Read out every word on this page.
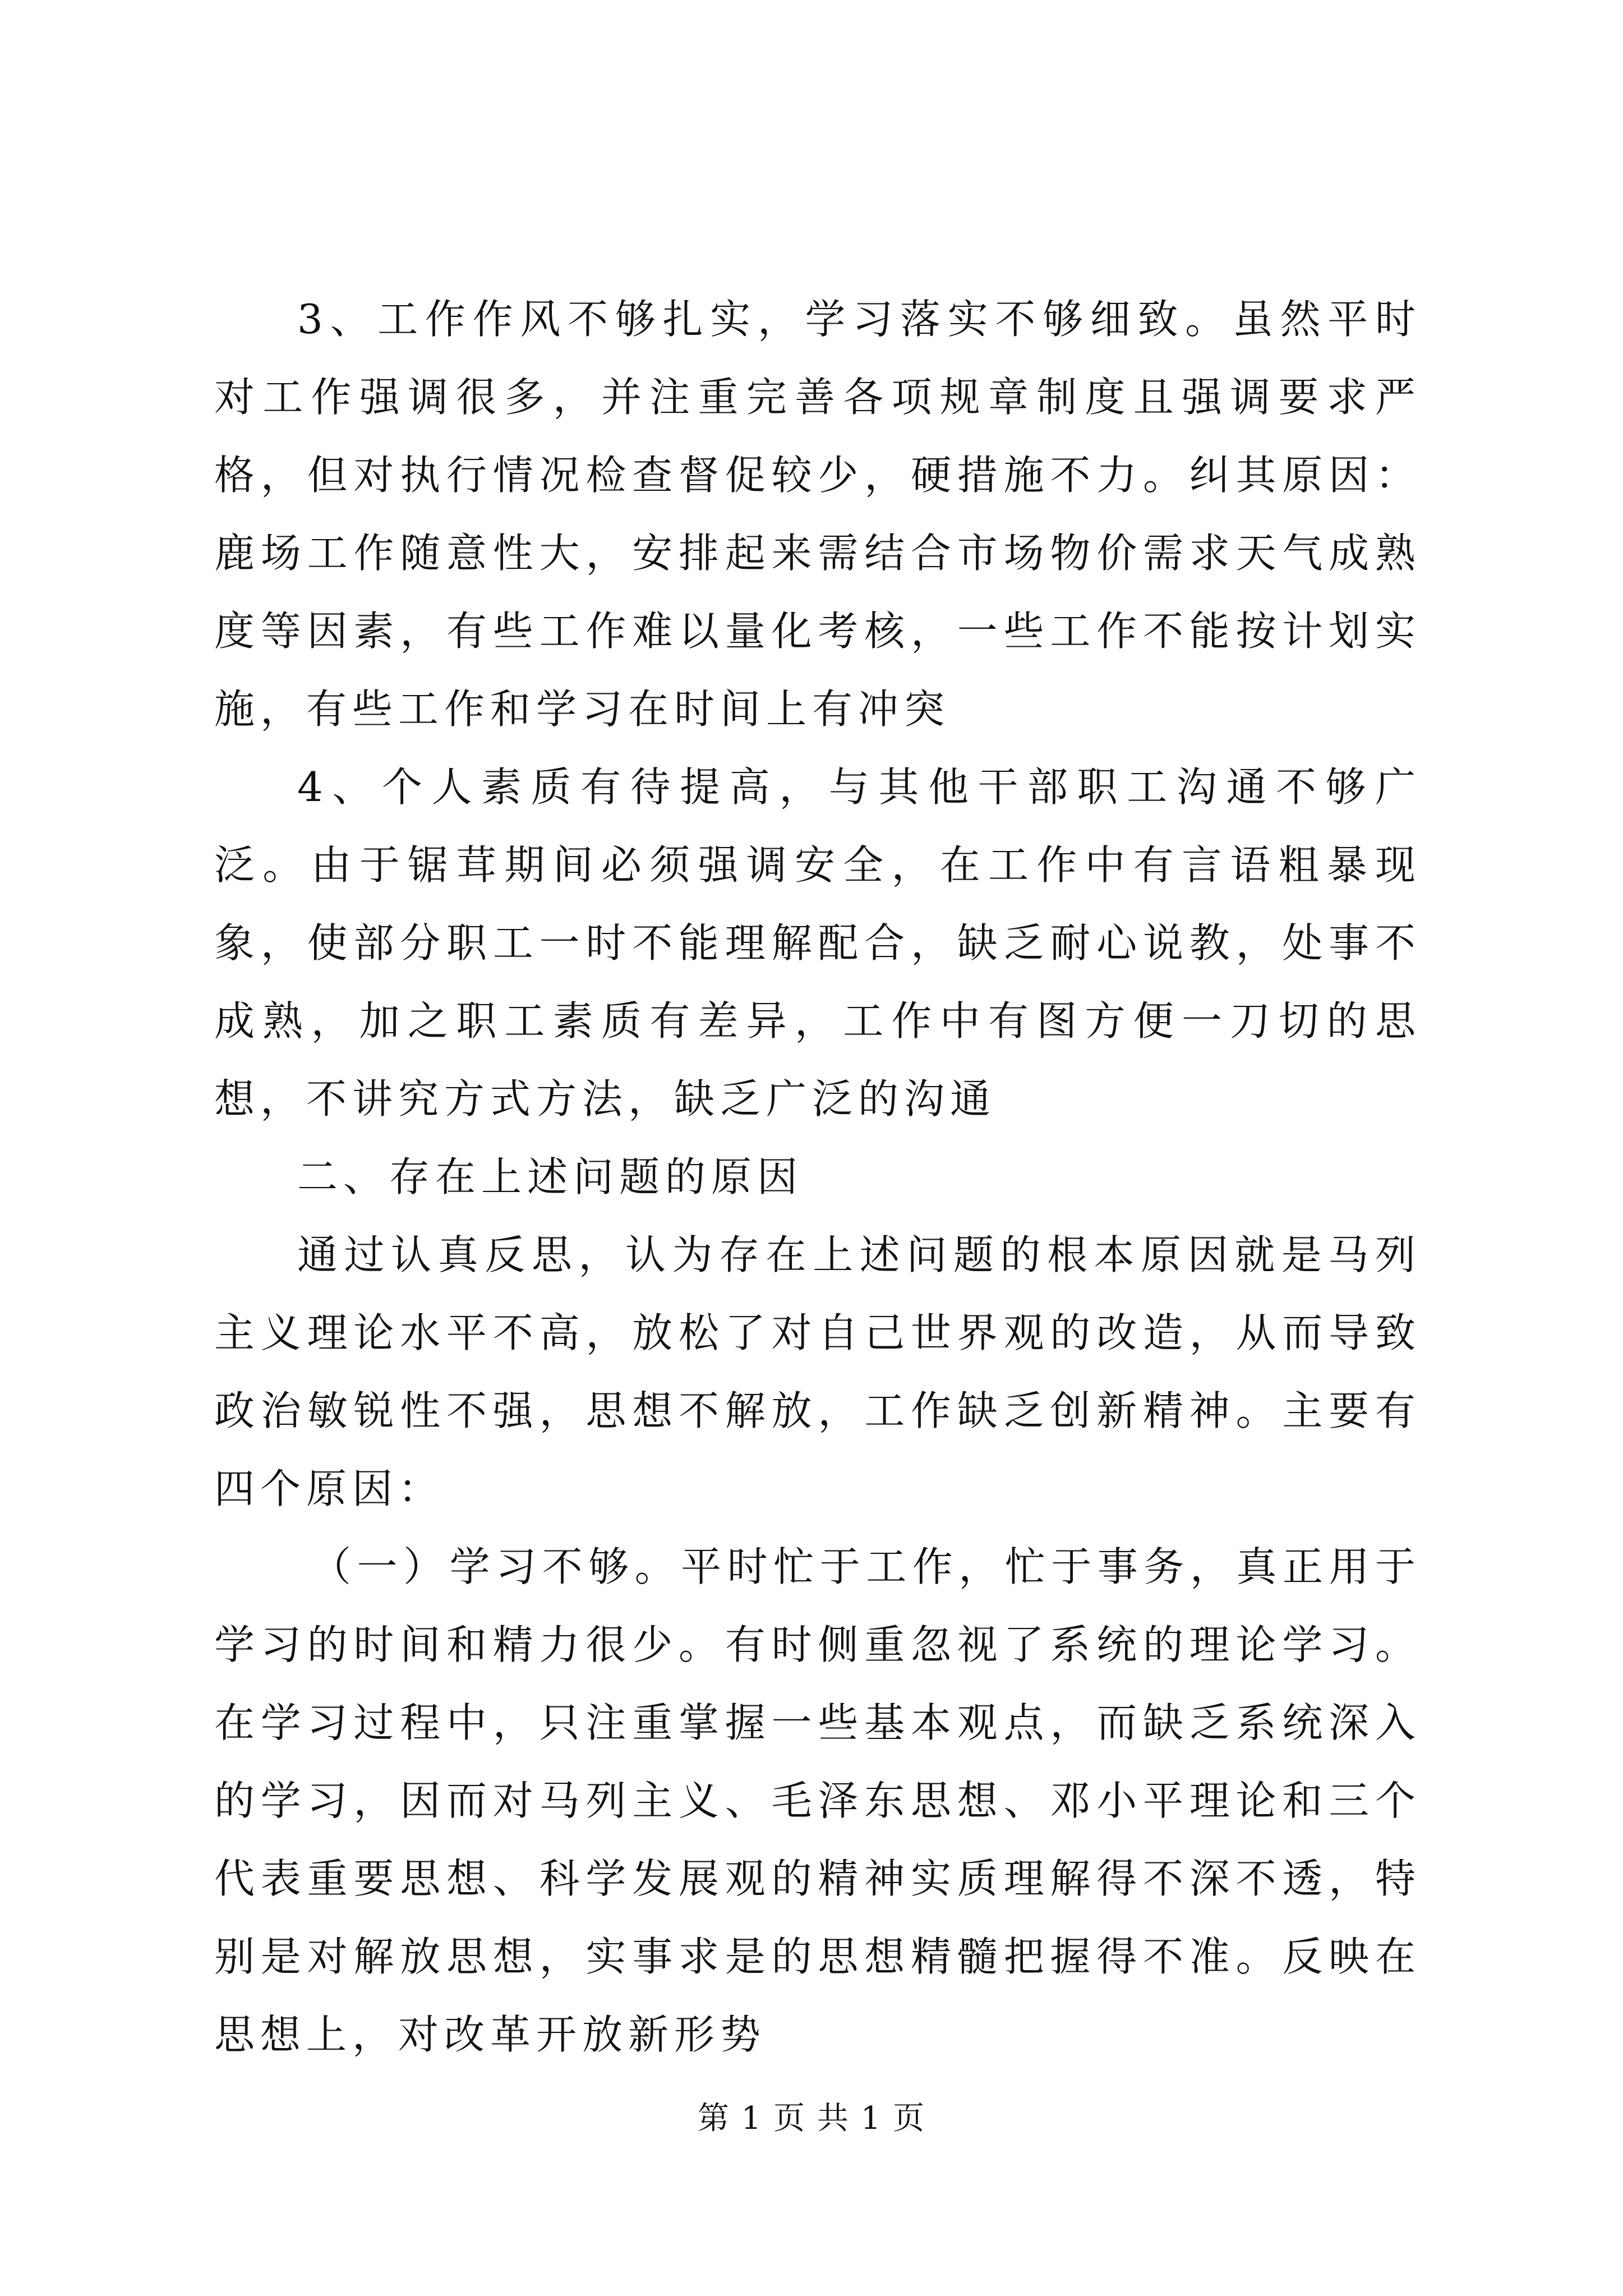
3、工作作风不够扎实，学习落实不够细致。虽然平时对工作强调很多，并注重完善各项规章制度且强调要求严格，但对执行情况检查督促较少，硬措施不力。纠其原因：鹿场工作随意性大，安排起来需结合市场物价需求天气成熟度等因素，有些工作难以量化考核，一些工作不能按计划实施，有些工作和学习在时间上有冲突

4、个人素质有待提高，与其他干部职工沟通不够广泛。由于锯茸期间必须强调安全，在工作中有言语粗暴现象，使部分职工一时不能理解配合，缺乏耐心说教，处事不成熟，加之职工素质有差异，工作中有图方便一刀切的思想，不讲究方式方法，缺乏广泛的沟通

二、存在上述问题的原因

通过认真反思，认为存在上述问题的根本原因就是马列主义理论水平不高，放松了对自己世界观的改造，从而导致政治敏锐性不强，思想不解放，工作缺乏创新精神。主要有四个原因：

（一）学习不够。平时忙于工作，忙于事务，真正用于学习的时间和精力很少。有时侧重忽视了系统的理论学习。在学习过程中，只注重掌握一些基本观点，而缺乏系统深入的学习，因而对马列主义、毛泽东思想、邓小平理论和三个代表重要思想、科学发展观的精神实质理解得不深不透，特别是对解放思想，实事求是的思想精髓把握得不准。反映在思想上，对改革开放新形势

第 1 页 共 1 页
